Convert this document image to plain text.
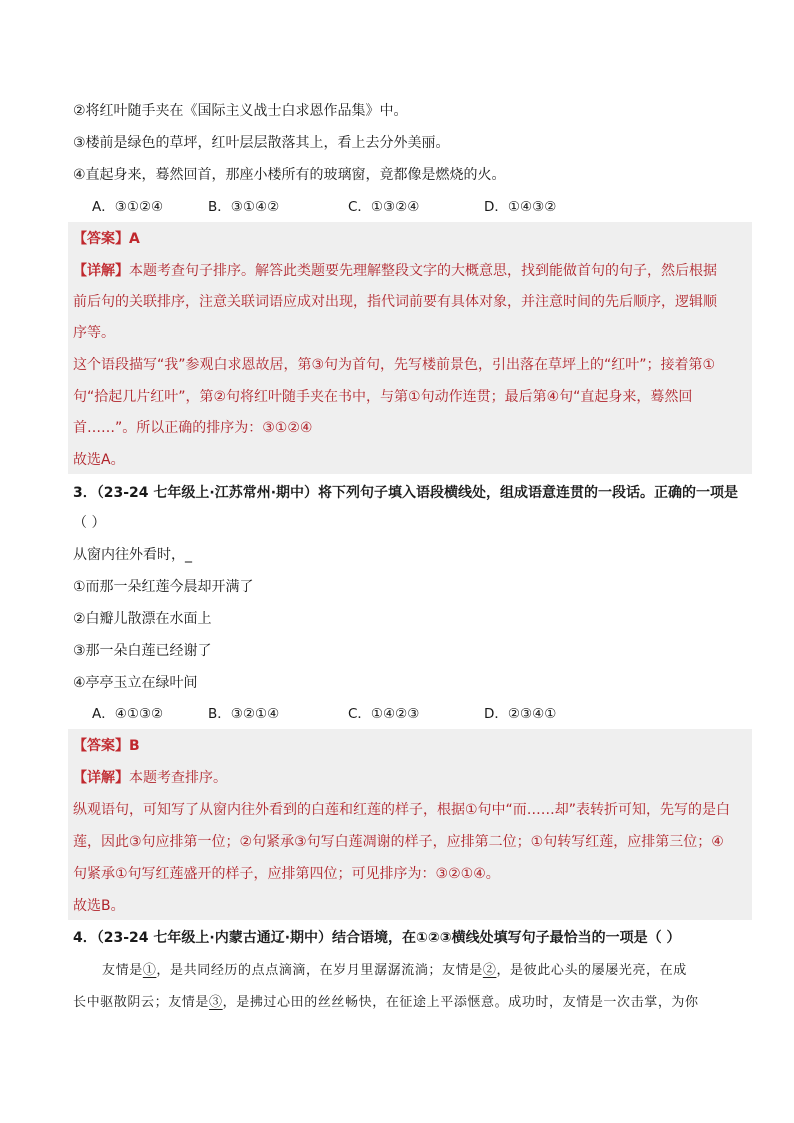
②将红叶随手夹在《国际主义战士白求恩作品集》中。
③楼前是绿色的草坪，红叶层层散落其上，看上去分外美丽。
④直起身来，蓦然回首，那座小楼所有的玻璃窗，竟都像是燃烧的火。
A．③①②④	B．③①④②	C．①③②④	D．①④③②
【答案】A
【详解】本题考查句子排序。解答此类题要先理解整段文字的大概意思，找到能做首句的句子，然后根据
前后句的关联排序，注意关联词语应成对出现，指代词前要有具体对象，并注意时间的先后顺序，逻辑顺
序等。
这个语段描写“我”参观白求恩故居，第③句为首句，先写楼前景色，引出落在草坪上的“红叶”；接着第①
句“拾起几片红叶”，第②句将红叶随手夹在书中，与第①句动作连贯；最后第④句“直起身来，蓦然回
首……”。所以正确的排序为：③①②④
故选A。
3．（23-24 七年级上·江苏常州·期中）将下列句子填入语段横线处，组成语意连贯的一段话。正确的一项是
（ ）
从窗内往外看时，_
①而那一朵红莲今晨却开满了
②白瓣儿散漂在水面上
③那一朵白莲已经谢了
④亭亭玉立在绿叶间
A．④①③②	B．③②①④	C．①④②③	D．②③④①
【答案】B
【详解】本题考查排序。
纵观语句，可知写了从窗内往外看到的白莲和红莲的样子，根据①句中“而……却”表转折可知，先写的是白
莲，因此③句应排第一位；②句紧承③句写白莲凋谢的样子，应排第二位；①句转写红莲，应排第三位；④
句紧承①句写红莲盛开的样子，应排第四位；可见排序为：③②①④。
故选B。
4．（23-24 七年级上·内蒙古通辽·期中）结合语境，在①②③横线处填写句子最恰当的一项是（ ）
友情是①，是共同经历的点点滴滴，在岁月里潺潺流淌；友情是②，是彼此心头的屡屡光亮，在成
长中驱散阴云；友情是③，是拂过心田的丝丝畅快，在征途上平添惬意。成功时，友情是一次击掌，为你
